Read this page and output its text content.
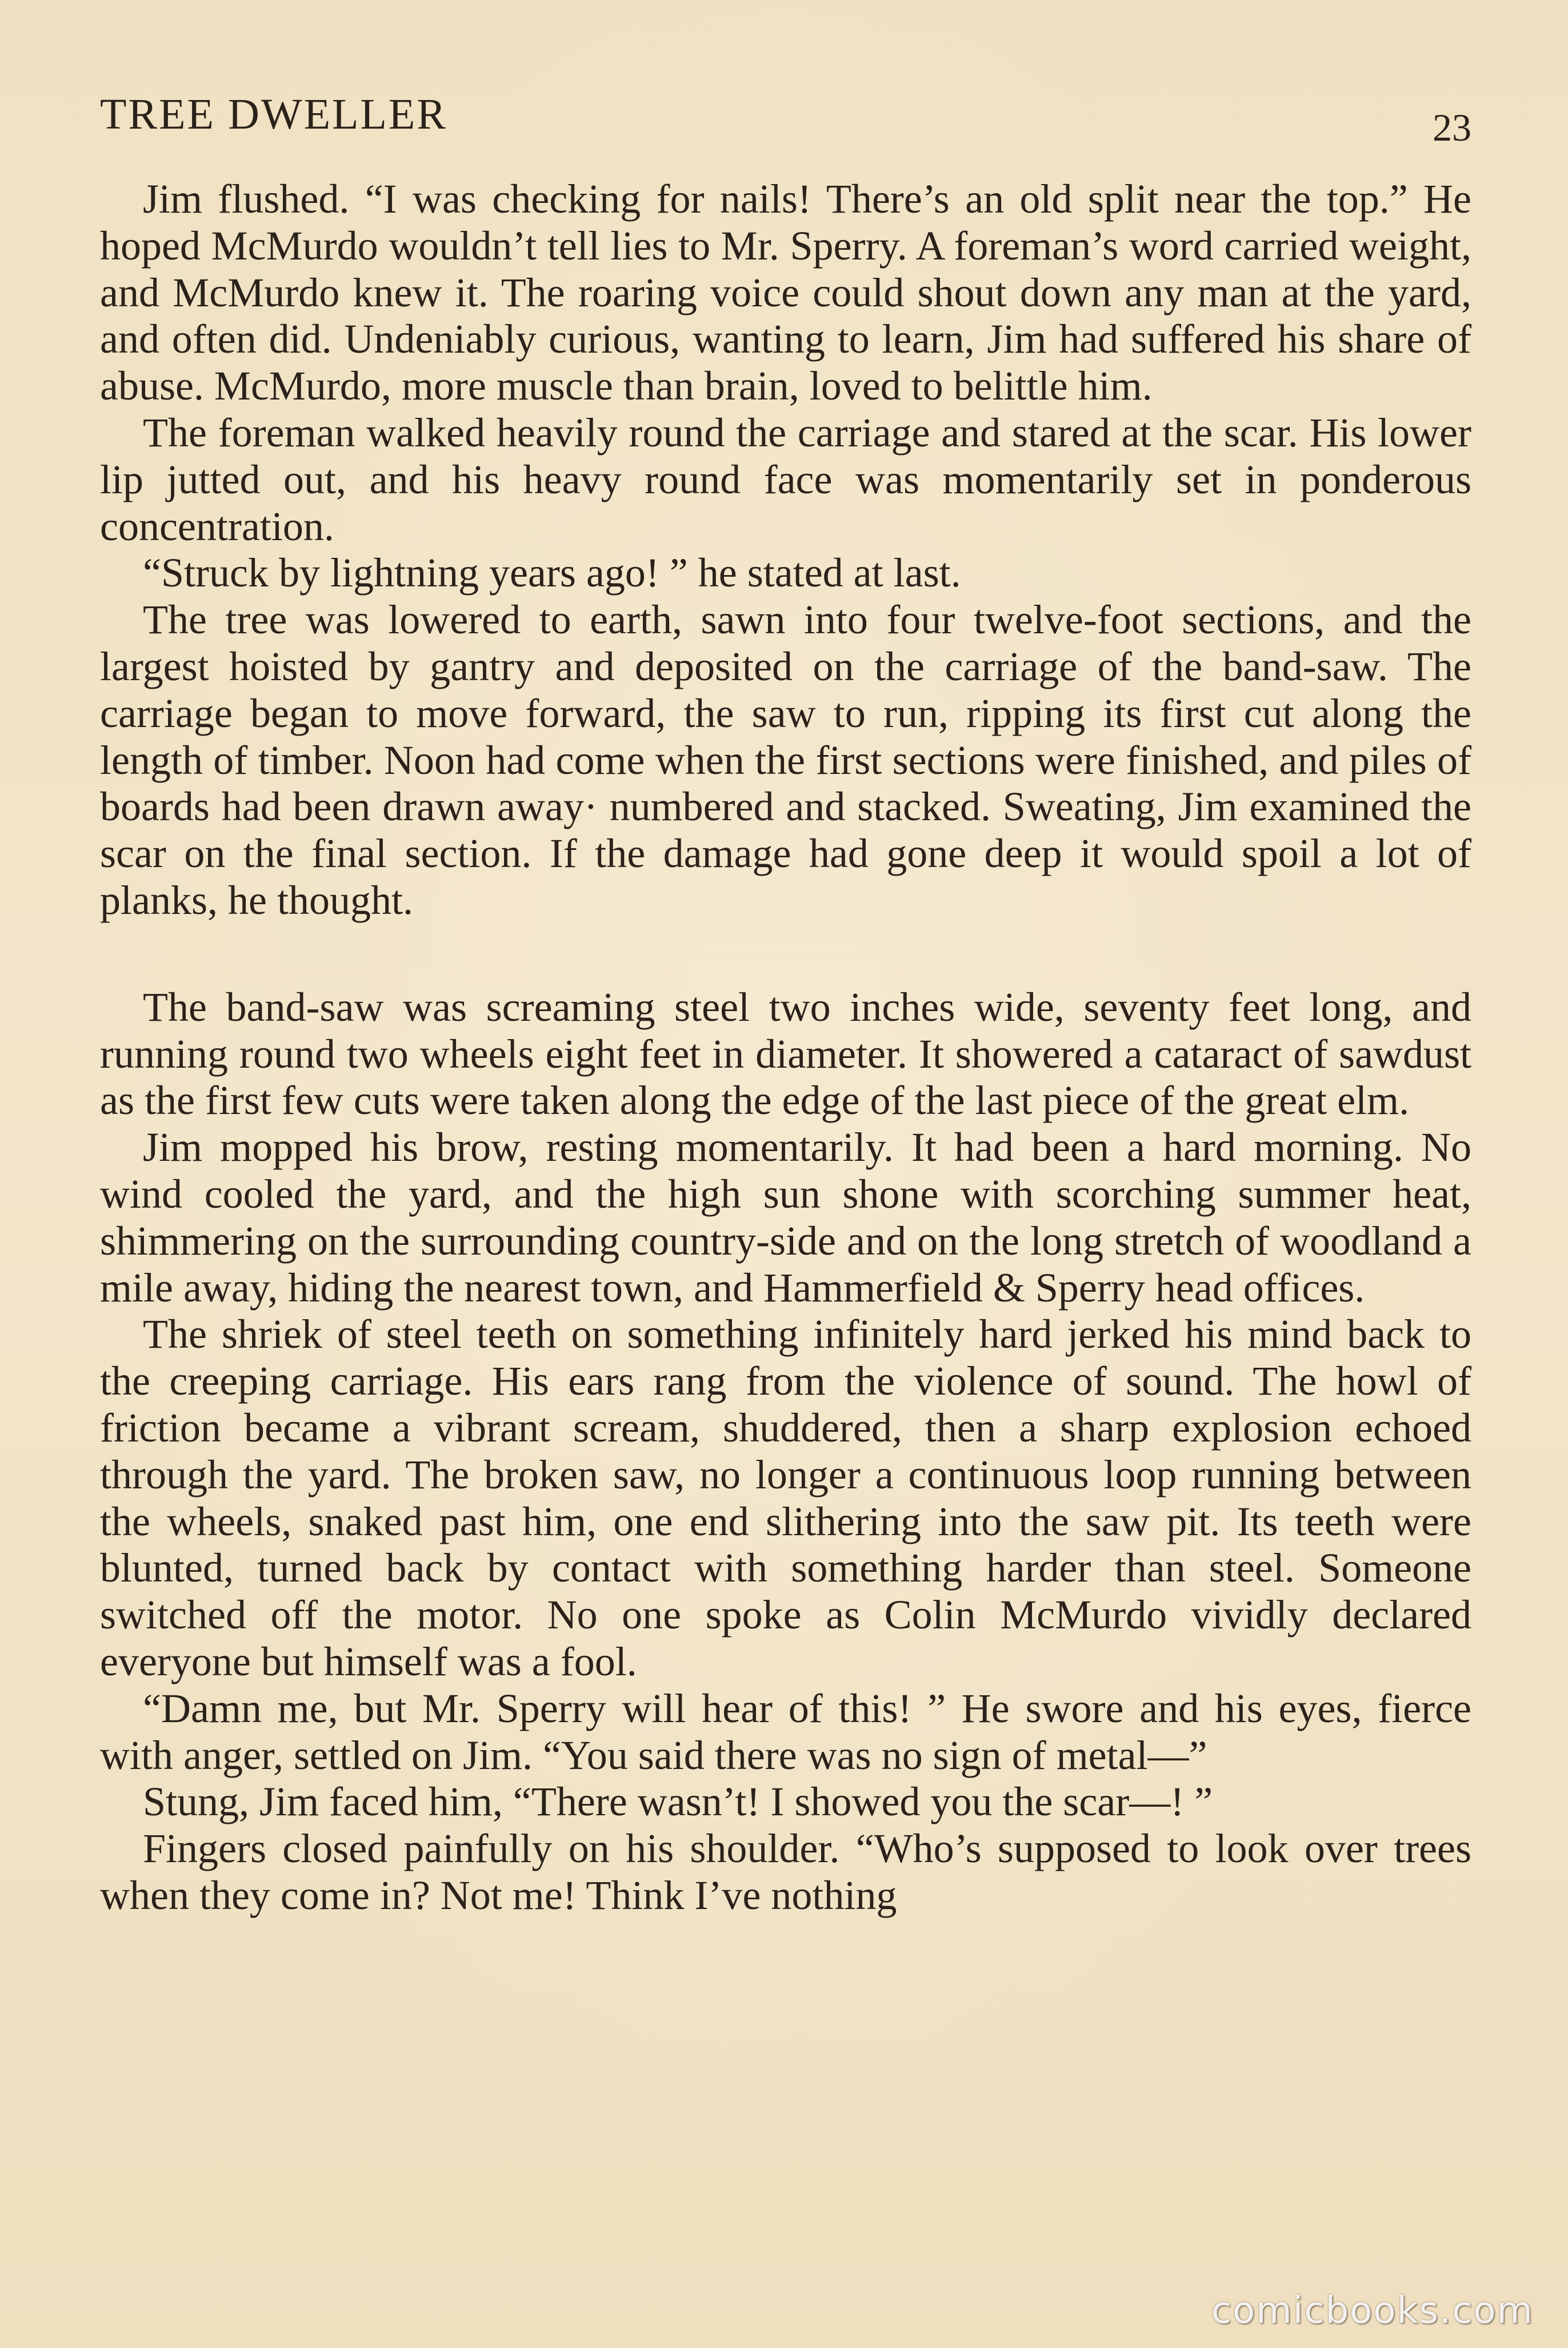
TREE DWELLER	23

Jim flushed. “I was checking for nails! There’s an old split near the top.” He hoped McMurdo wouldn’t tell lies to Mr. Sperry. A foreman’s word carried weight, and McMurdo knew it. The roaring voice could shout down any man at the yard, and often did. Undeniably curious, wanting to learn, Jim had suffered his share of abuse. McMurdo, more muscle than brain, loved to belittle him.

The foreman walked heavily round the carriage and stared at the scar. His lower lip jutted out, and his heavy round face was momentarily set in ponderous concentration.

“Struck by lightning years ago! ” he stated at last.

The tree was lowered to earth, sawn into four twelve-foot sections, and the largest hoisted by gantry and deposited on the carriage of the band-saw. The carriage began to move forward, the saw to run, ripping its first cut along the length of timber. Noon had come when the first sections were finished, and piles of boards had been drawn away· numbered and stacked. Sweating, Jim examined the scar on the final section. If the damage had gone deep it would spoil a lot of planks, he thought.

The band-saw was screaming steel two inches wide, seventy feet long, and running round two wheels eight feet in diameter. It showered a cataract of sawdust as the first few cuts were taken along the edge of the last piece of the great elm.

Jim mopped his brow, resting momentarily. It had been a hard morning. No wind cooled the yard, and the high sun shone with scorching summer heat, shimmering on the surrounding country-side and on the long stretch of woodland a mile away, hiding the nearest town, and Hammerfield & Sperry head offices.

The shriek of steel teeth on something infinitely hard jerked his mind back to the creeping carriage. His ears rang from the violence of sound. The howl of friction became a vibrant scream, shuddered, then a sharp explosion echoed through the yard. The broken saw, no longer a continuous loop running between the wheels, snaked past him, one end slithering into the saw pit. Its teeth were blunted, turned back by contact with something harder than steel. Someone switched off the motor. No one spoke as Colin McMurdo vividly declared everyone but himself was a fool.

“Damn me, but Mr. Sperry will hear of this! ” He swore and his eyes, fierce with anger, settled on Jim. “You said there was no sign of metal—”

Stung, Jim faced him, “There wasn’t! I showed you the scar—! ”

Fingers closed painfully on his shoulder. “Who’s supposed to look over trees when they come in? Not me! Think I’ve nothing

comicbooks.com
